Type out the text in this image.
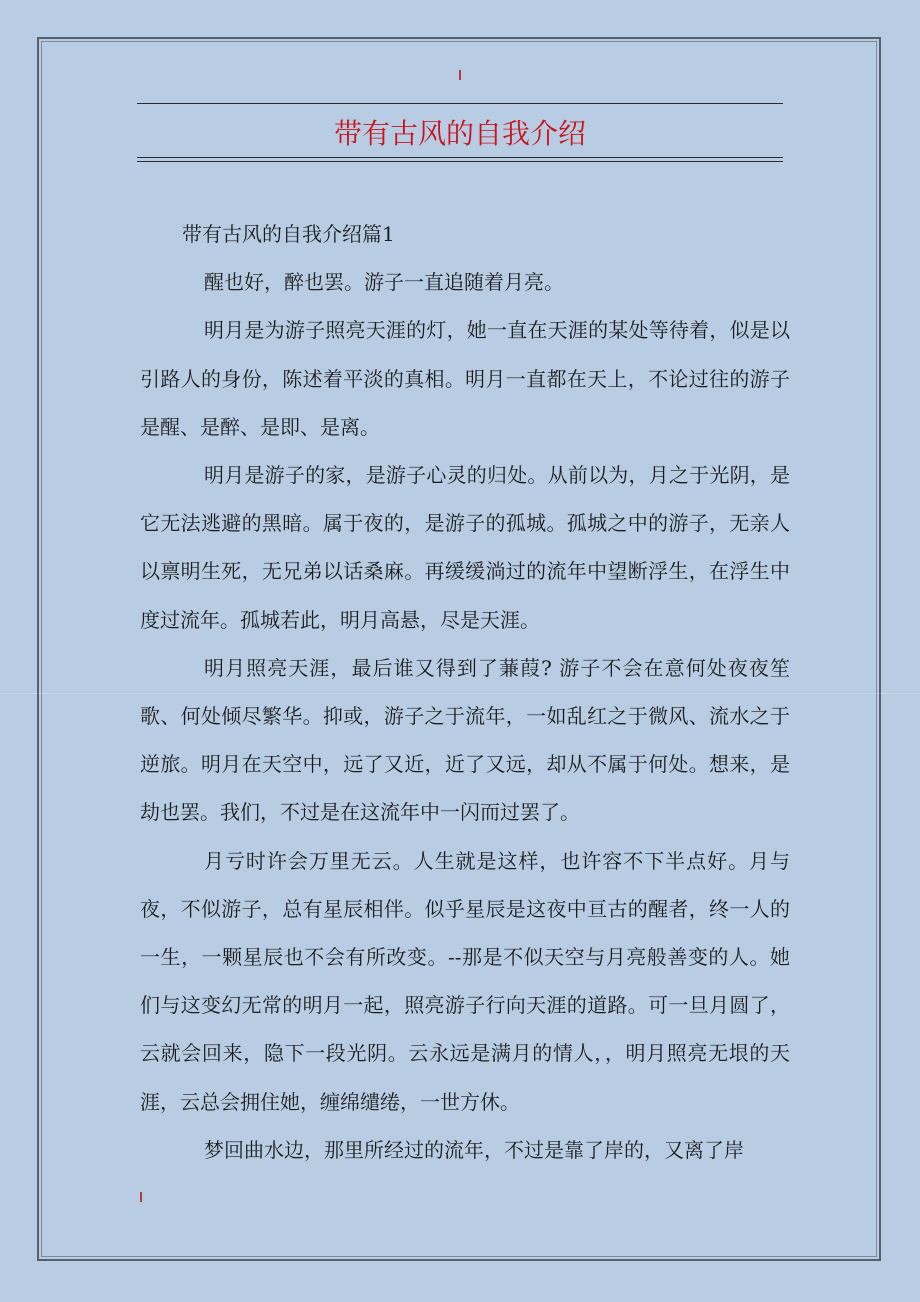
带有古风的自我介绍

带有古风的自我介绍篇1

醒也好，醉也罢。游子一直追随着月亮。

明月是为游子照亮天涯的灯，她一直在天涯的某处等待着，似是以引路人的身份，陈述着平淡的真相。明月一直都在天上，不论过往的游子是醒、是醉、是即、是离。

明月是游子的家，是游子心灵的归处。从前以为，月之于光阴，是它无法逃避的黑暗。属于夜的，是游子的孤城。孤城之中的游子，无亲人以禀明生死，无兄弟以话桑麻。再缓缓淌过的流年中望断浮生，在浮生中度过流年。孤城若此，明月高悬，尽是天涯。

明月照亮天涯，最后谁又得到了蒹葭? 游子不会在意何处夜夜笙歌、何处倾尽繁华。抑或，游子之于流年，一如乱红之于微风、流水之于逆旅。明月在天空中，远了又近，近了又远，却从不属于何处。想来，是劫也罢。我们，不过是在这流年中一闪而过罢了。

月亏时许会万里无云。人生就是这样，也许容不下半点好。月与夜，不似游子，总有星辰相伴。似乎星辰是这夜中亘古的醒者，终一人的一生，一颗星辰也不会有所改变。--那是不似天空与月亮般善变的人。她们与这变幻无常的明月一起，照亮游子行向天涯的道路。可一旦月圆了，云就会回来，隐下一段光阴。云永远是满月的情人，，明月照亮无垠的天涯，云总会拥住她，缠绵缱绻，一世方休。

梦回曲水边，那里所经过的流年，不过是靠了岸的，又离了岸
